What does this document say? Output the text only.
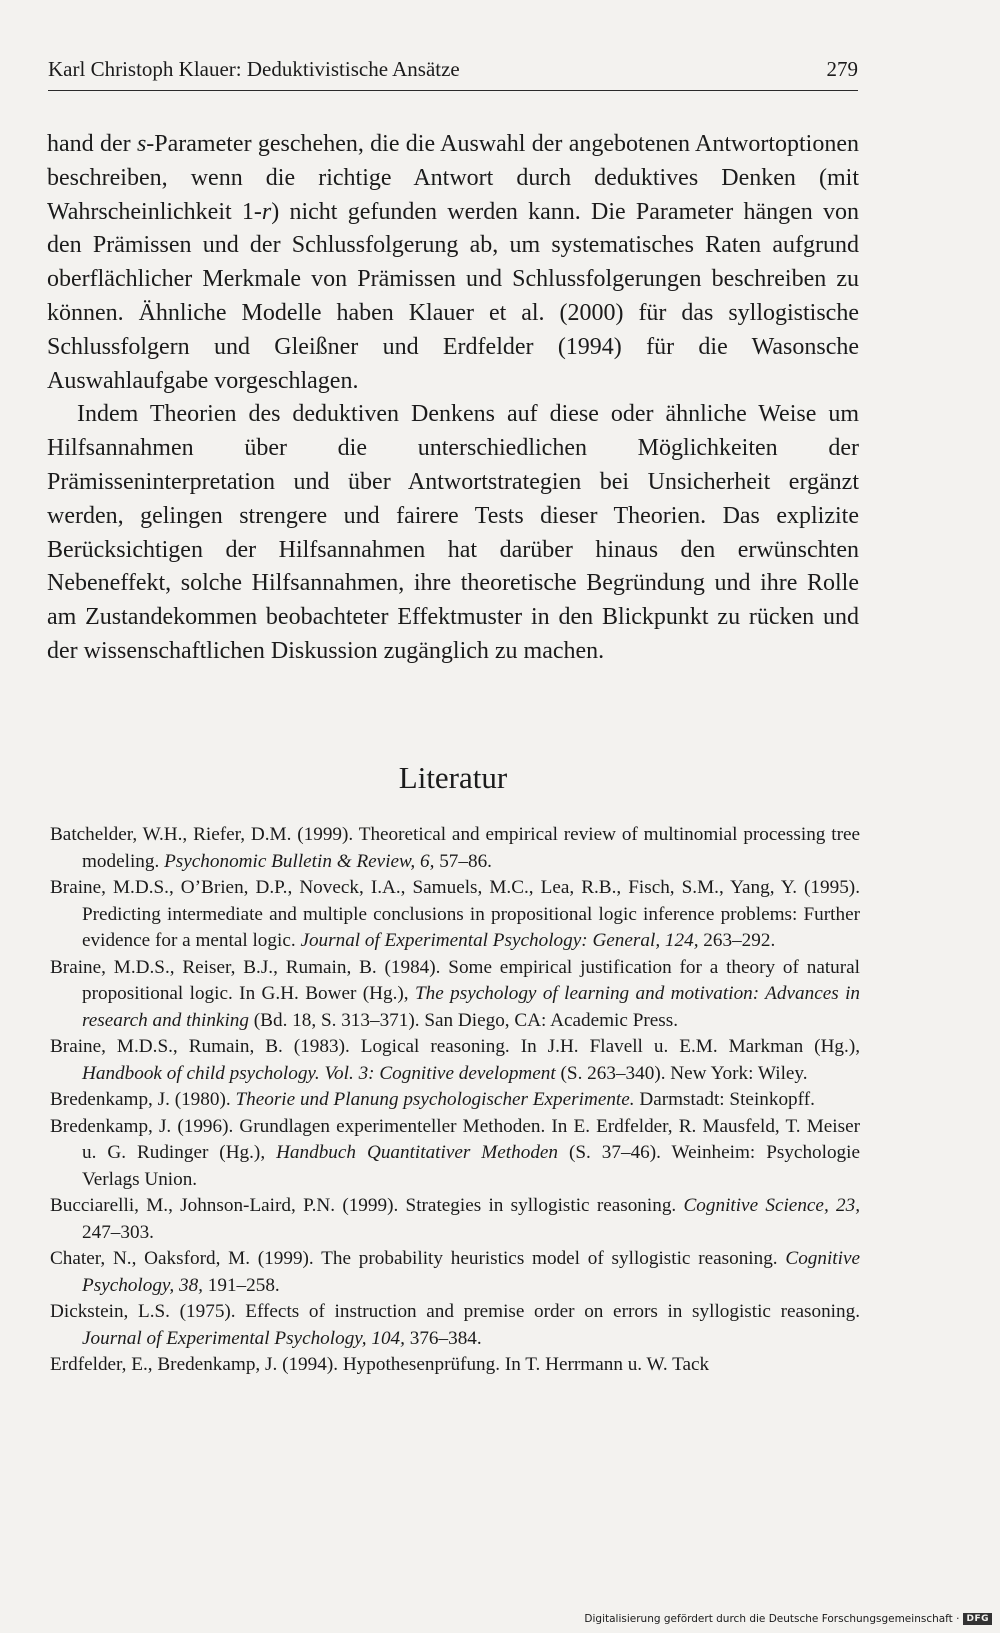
Karl Christoph Klauer: Deduktivistische Ansätze	279

hand der s-Parameter geschehen, die die Auswahl der angebotenen Antwortoptionen beschreiben, wenn die richtige Antwort durch deduktives Denken (mit Wahrscheinlichkeit 1-r) nicht gefunden werden kann. Die Parameter hängen von den Prämissen und der Schlussfolgerung ab, um systematisches Raten aufgrund oberflächlicher Merkmale von Prämissen und Schlussfolgerungen beschreiben zu können. Ähnliche Modelle haben Klauer et al. (2000) für das syllogistische Schlussfolgern und Gleißner und Erdfelder (1994) für die Wasonsche Auswahlaufgabe vorgeschlagen.

Indem Theorien des deduktiven Denkens auf diese oder ähnliche Weise um Hilfsannahmen über die unterschiedlichen Möglichkeiten der Prämisseninterpretation und über Antwortstrategien bei Unsicherheit ergänzt werden, gelingen strengere und fairere Tests dieser Theorien. Das explizite Berücksichtigen der Hilfsannahmen hat darüber hinaus den erwünschten Nebeneffekt, solche Hilfsannahmen, ihre theoretische Begründung und ihre Rolle am Zustandekommen beobachteter Effektmuster in den Blickpunkt zu rücken und der wissenschaftlichen Diskussion zugänglich zu machen.

Literatur
Batchelder, W.H., Riefer, D.M. (1999). Theoretical and empirical review of multinomial processing tree modeling. Psychonomic Bulletin & Review, 6, 57–86.
Braine, M.D.S., O’Brien, D.P., Noveck, I.A., Samuels, M.C., Lea, R.B., Fisch, S.M., Yang, Y. (1995). Predicting intermediate and multiple conclusions in propositional logic inference problems: Further evidence for a mental logic. Journal of Experimental Psychology: General, 124, 263–292.
Braine, M.D.S., Reiser, B.J., Rumain, B. (1984). Some empirical justification for a theory of natural propositional logic. In G.H. Bower (Hg.), The psychology of learning and motivation: Advances in research and thinking (Bd. 18, S. 313–371). San Diego, CA: Academic Press.
Braine, M.D.S., Rumain, B. (1983). Logical reasoning. In J.H. Flavell u. E.M. Markman (Hg.), Handbook of child psychology. Vol. 3: Cognitive development (S. 263–340). New York: Wiley.
Bredenkamp, J. (1980). Theorie und Planung psychologischer Experimente. Darmstadt: Steinkopff.
Bredenkamp, J. (1996). Grundlagen experimenteller Methoden. In E. Erdfelder, R. Mausfeld, T. Meiser u. G. Rudinger (Hg.), Handbuch Quantitativer Methoden (S. 37–46). Weinheim: Psychologie Verlags Union.
Bucciarelli, M., Johnson-Laird, P.N. (1999). Strategies in syllogistic reasoning. Cognitive Science, 23, 247–303.
Chater, N., Oaksford, M. (1999). The probability heuristics model of syllogistic reasoning. Cognitive Psychology, 38, 191–258.
Dickstein, L.S. (1975). Effects of instruction and premise order on errors in syllogistic reasoning. Journal of Experimental Psychology, 104, 376–384.
Erdfelder, E., Bredenkamp, J. (1994). Hypothesenprüfung. In T. Herrmann u. W. Tack
Digitalisierung gefördert durch die Deutsche Forschungsgemeinschaft · DFG
